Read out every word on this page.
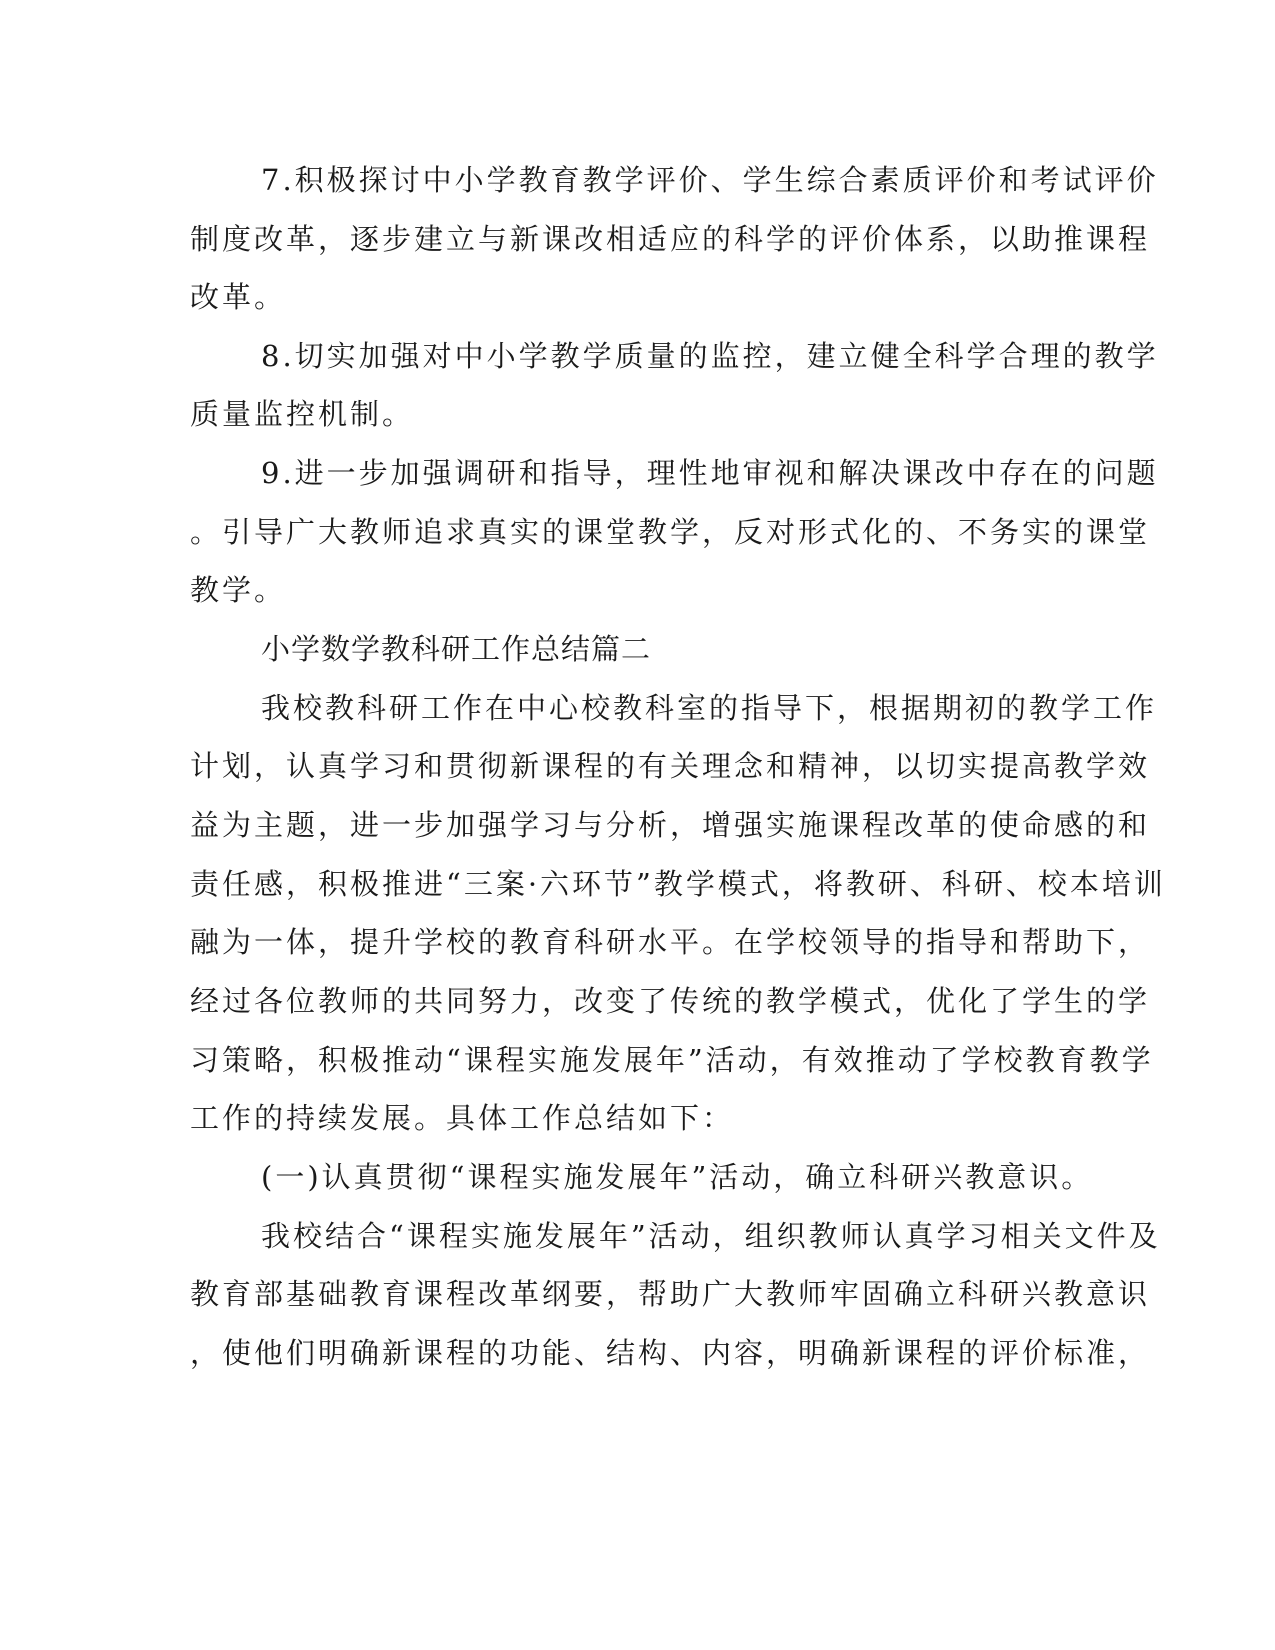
7.积极探讨中小学教育教学评价、学生综合素质评价和考试评价

制度改革，逐步建立与新课改相适应的科学的评价体系，以助推课程

改革。

8.切实加强对中小学教学质量的监控，建立健全科学合理的教学

质量监控机制。

9.进一步加强调研和指导，理性地审视和解决课改中存在的问题

。引导广大教师追求真实的课堂教学，反对形式化的、不务实的课堂

教学。

小学数学教科研工作总结篇二

我校教科研工作在中心校教科室的指导下，根据期初的教学工作

计划，认真学习和贯彻新课程的有关理念和精神，以切实提高教学效

益为主题，进一步加强学习与分析，增强实施课程改革的使命感的和

责任感，积极推进“三案·六环节”教学模式，将教研、科研、校本培训

融为一体，提升学校的教育科研水平。在学校领导的指导和帮助下，

经过各位教师的共同努力，改变了传统的教学模式，优化了学生的学

习策略，积极推动“课程实施发展年”活动，有效推动了学校教育教学

工作的持续发展。具体工作总结如下：

(一)认真贯彻“课程实施发展年”活动，确立科研兴教意识。

我校结合“课程实施发展年”活动，组织教师认真学习相关文件及

教育部基础教育课程改革纲要，帮助广大教师牢固确立科研兴教意识

，使他们明确新课程的功能、结构、内容，明确新课程的评价标准，
